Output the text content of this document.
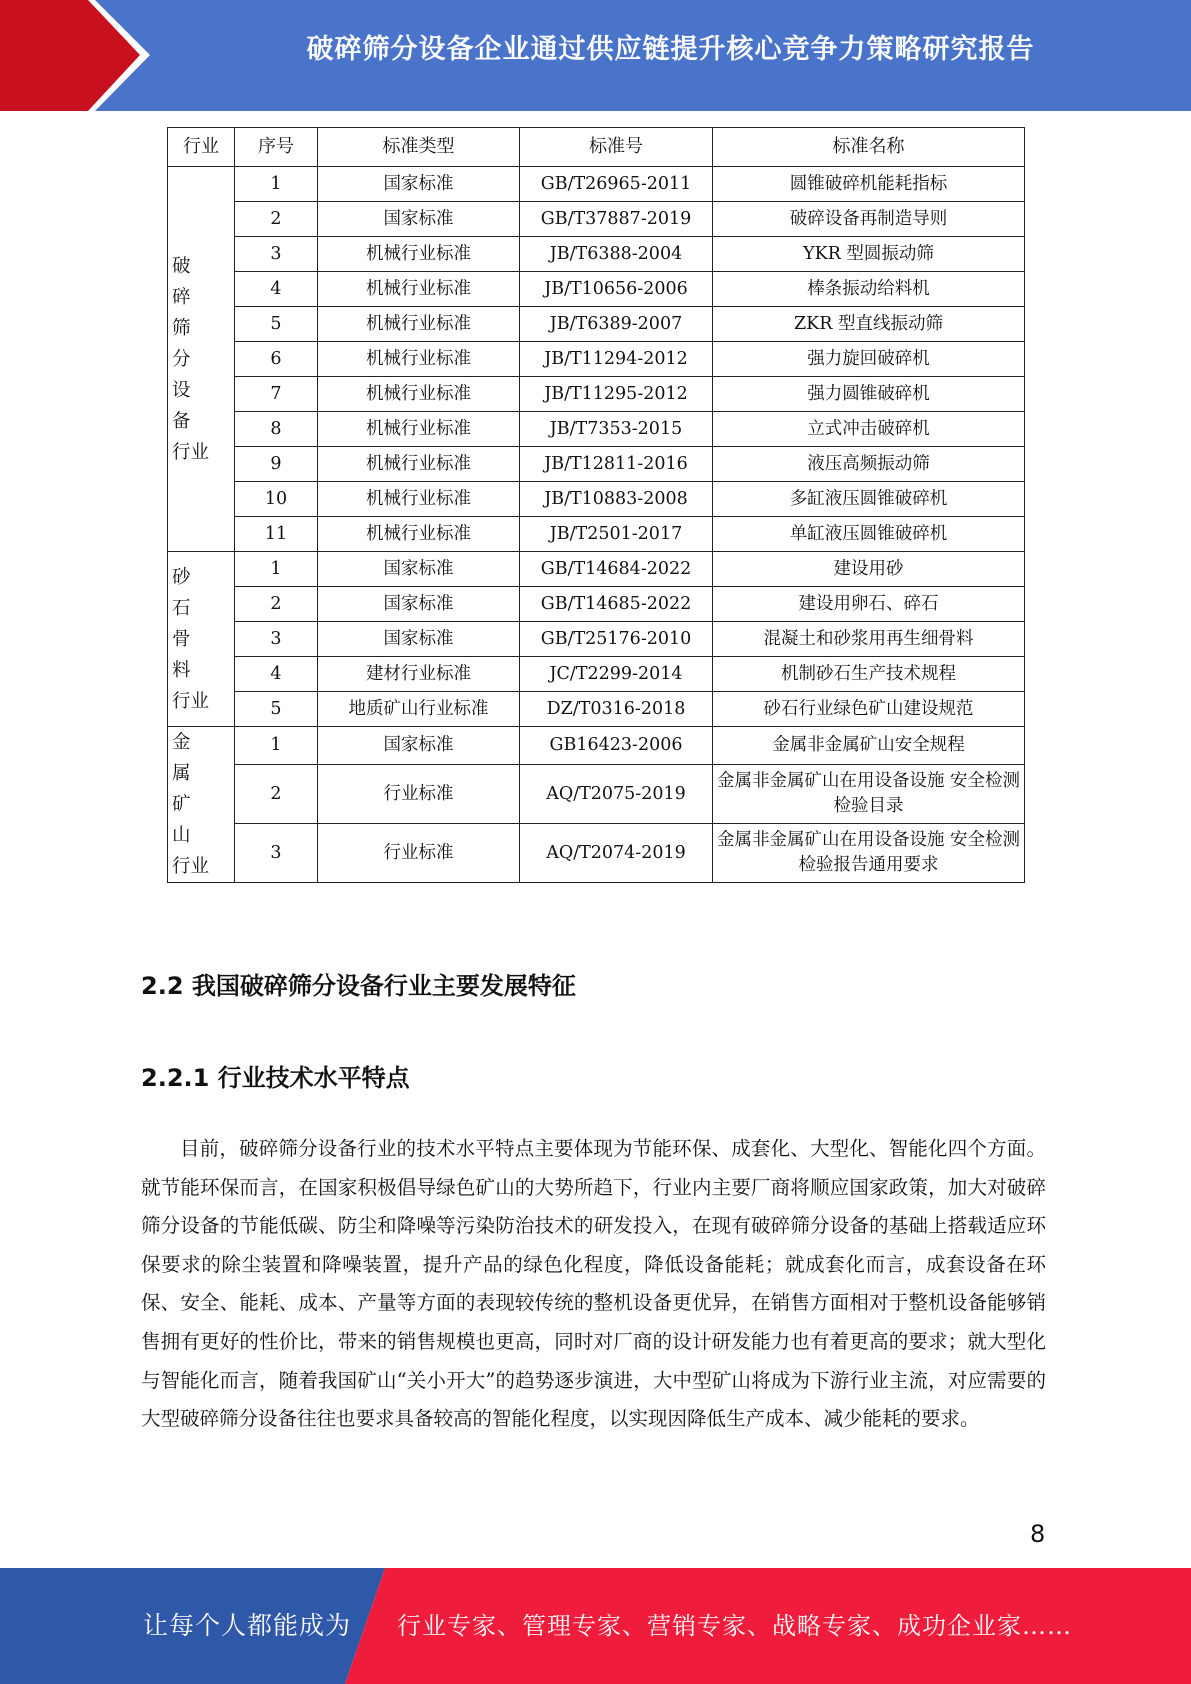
破碎筛分设备企业通过供应链提升核心竞争力策略研究报告
行业	序号	标准类型	标准号	标准名称

破　碎
筛　分
设　备
行业	1	国家标准	GB/T26965-2011	圆锥破碎机能耗指标
	2	国家标准	GB/T37887-2019	破碎设备再制造导则
	3	机械行业标准	JB/T6388-2004	YKR 型圆振动筛
	4	机械行业标准	JB/T10656-2006	棒条振动给料机
	5	机械行业标准	JB/T6389-2007	ZKR 型直线振动筛
	6	机械行业标准	JB/T11294-2012	强力旋回破碎机
	7	机械行业标准	JB/T11295-2012	强力圆锥破碎机
	8	机械行业标准	JB/T7353-2015	立式冲击破碎机
	9	机械行业标准	JB/T12811-2016	液压高频振动筛
	10	机械行业标准	JB/T10883-2008	多缸液压圆锥破碎机
	11	机械行业标准	JB/T2501-2017	单缸液压圆锥破碎机

砂　石
骨　料
行业	1	国家标准	GB/T14684-2022	建设用砂
	2	国家标准	GB/T14685-2022	建设用卵石、碎石
	3	国家标准	GB/T25176-2010	混凝土和砂浆用再生细骨料
	4	建材行业标准	JC/T2299-2014	机制砂石生产技术规程
	5	地质矿山行业标准	DZ/T0316-2018	砂石行业绿色矿山建设规范

金　属
矿　山
行业	1	国家标准	GB16423-2006	金属非金属矿山安全规程
	2	行业标准	AQ/T2075-2019	金属非金属矿山在用设备设施 安全检测检验目录
	3	行业标准	AQ/T2074-2019	金属非金属矿山在用设备设施 安全检测检验报告通用要求
2.2 我国破碎筛分设备行业主要发展特征
2.2.1 行业技术水平特点
目前，破碎筛分设备行业的技术水平特点主要体现为节能环保、成套化、大型化、智能化四个方面。就节能环保而言，在国家积极倡导绿色矿山的大势所趋下，行业内主要厂商将顺应国家政策，加大对破碎筛分设备的节能低碳、防尘和降噪等污染防治技术的研发投入，在现有破碎筛分设备的基础上搭载适应环保要求的除尘装置和降噪装置，提升产品的绿色化程度，降低设备能耗；就成套化而言，成套设备在环保、安全、能耗、成本、产量等方面的表现较传统的整机设备更优异，在销售方面相对于整机设备能够销售拥有更好的性价比，带来的销售规模也更高，同时对厂商的设计研发能力也有着更高的要求；就大型化与智能化而言，随着我国矿山“关小开大”的趋势逐步演进，大中型矿山将成为下游行业主流，对应需要的大型破碎筛分设备往往也要求具备较高的智能化程度，以实现因降低生产成本、减少能耗的要求。
8
让每个人都能成为 行业专家、管理专家、营销专家、战略专家、成功企业家……
